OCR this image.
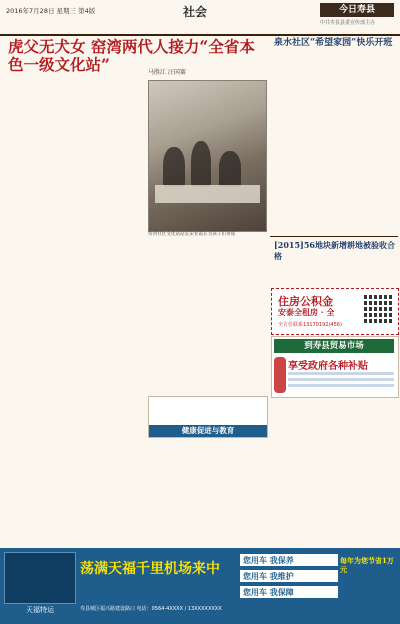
2016年7月28日 星期三 第4版	社会	今日寿县
中共寿县县委宣传部主办
虎父无犬女 窑湾两代人接力“全省本色一级文化站”	马胜江 汪国赛

窑湾社区文化站站长宋亚霞在为孩子们讲座

泉水社区“希望家园”快乐开班

[2015]56地块新增耕地被验收合格

住房公积金
安泰全租房 · 全
全方位联系13170192(456)
到寿县贸易市场
享受政府各种补贴

健康促进与教育

天福特运
荡满天福千里机场来中
您用车 我保养
您用车 我维护
您用车 我保障
每年为您节省1万元
寿县城区福兴路建设路口 电话：0564-4XXXX / 13XXXXXXXX
